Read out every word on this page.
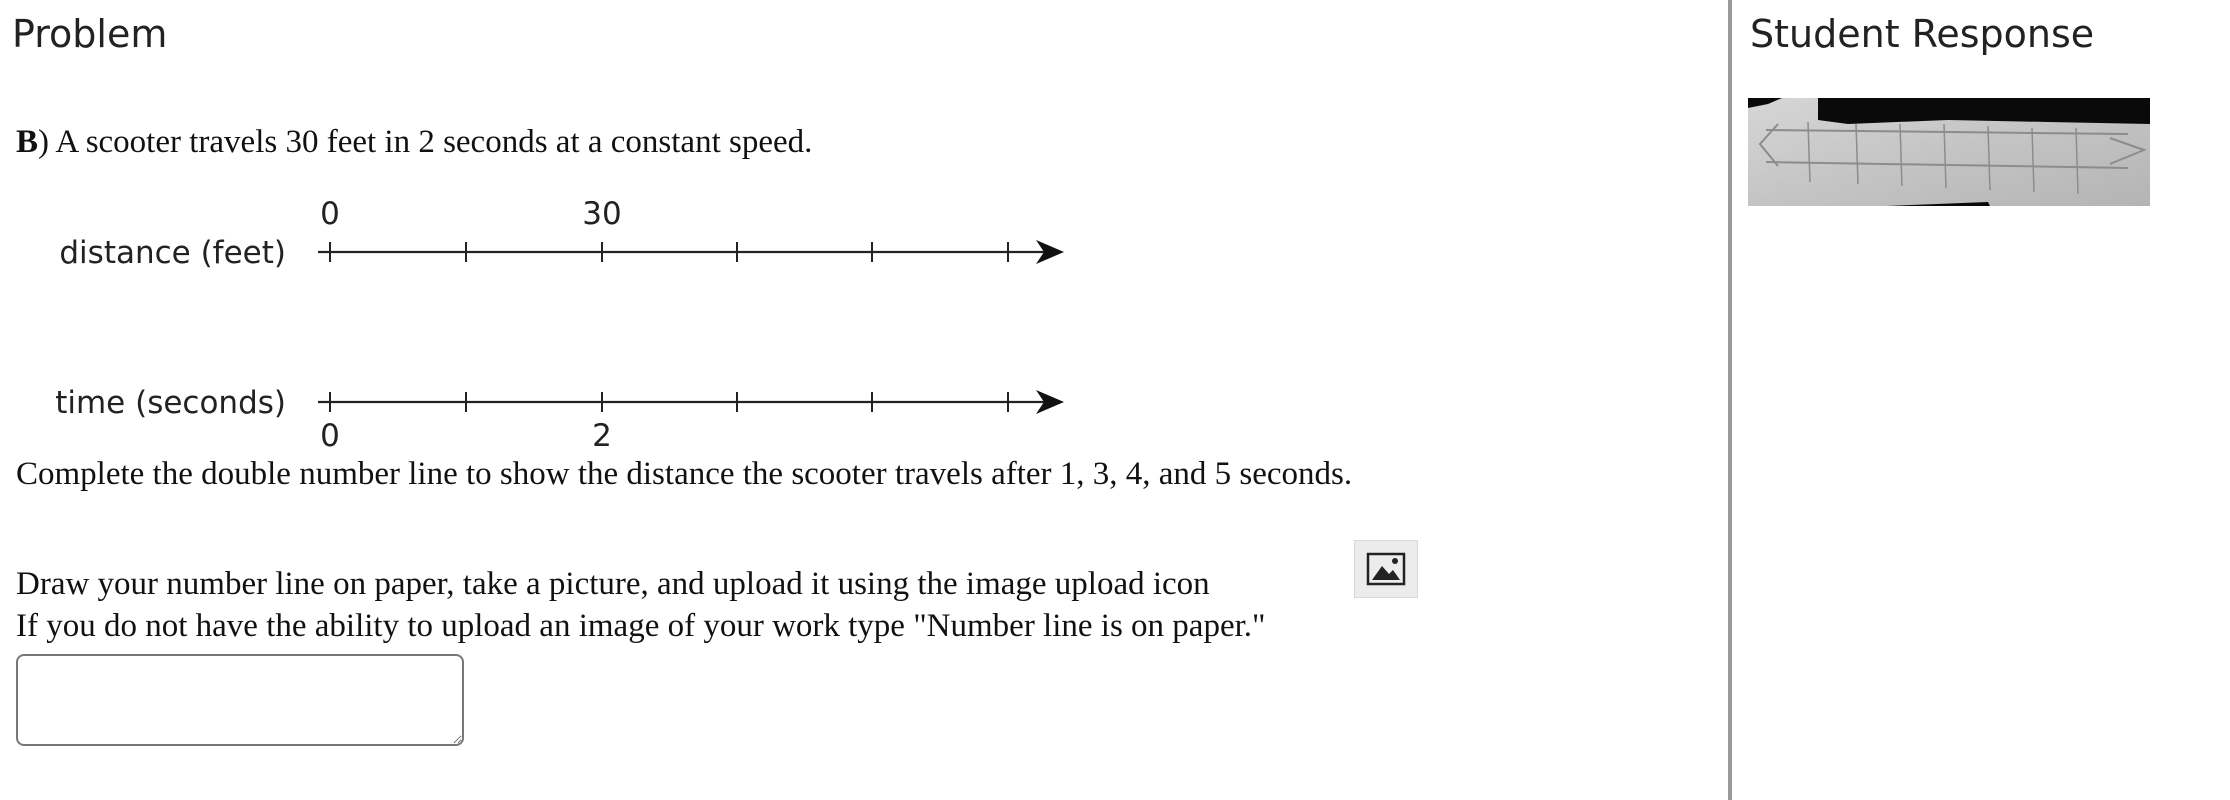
Problem
B) A scooter travels 30 feet in 2 seconds at a constant speed.
distance (feet)
0	30
time (seconds)
0	2
Complete the double number line to show the distance the scooter travels after 1, 3, 4, and 5 seconds.
Draw your number line on paper, take a picture, and upload it using the image upload icon
If you do not have the ability to upload an image of your work type "Number line is on paper."
Student Response
